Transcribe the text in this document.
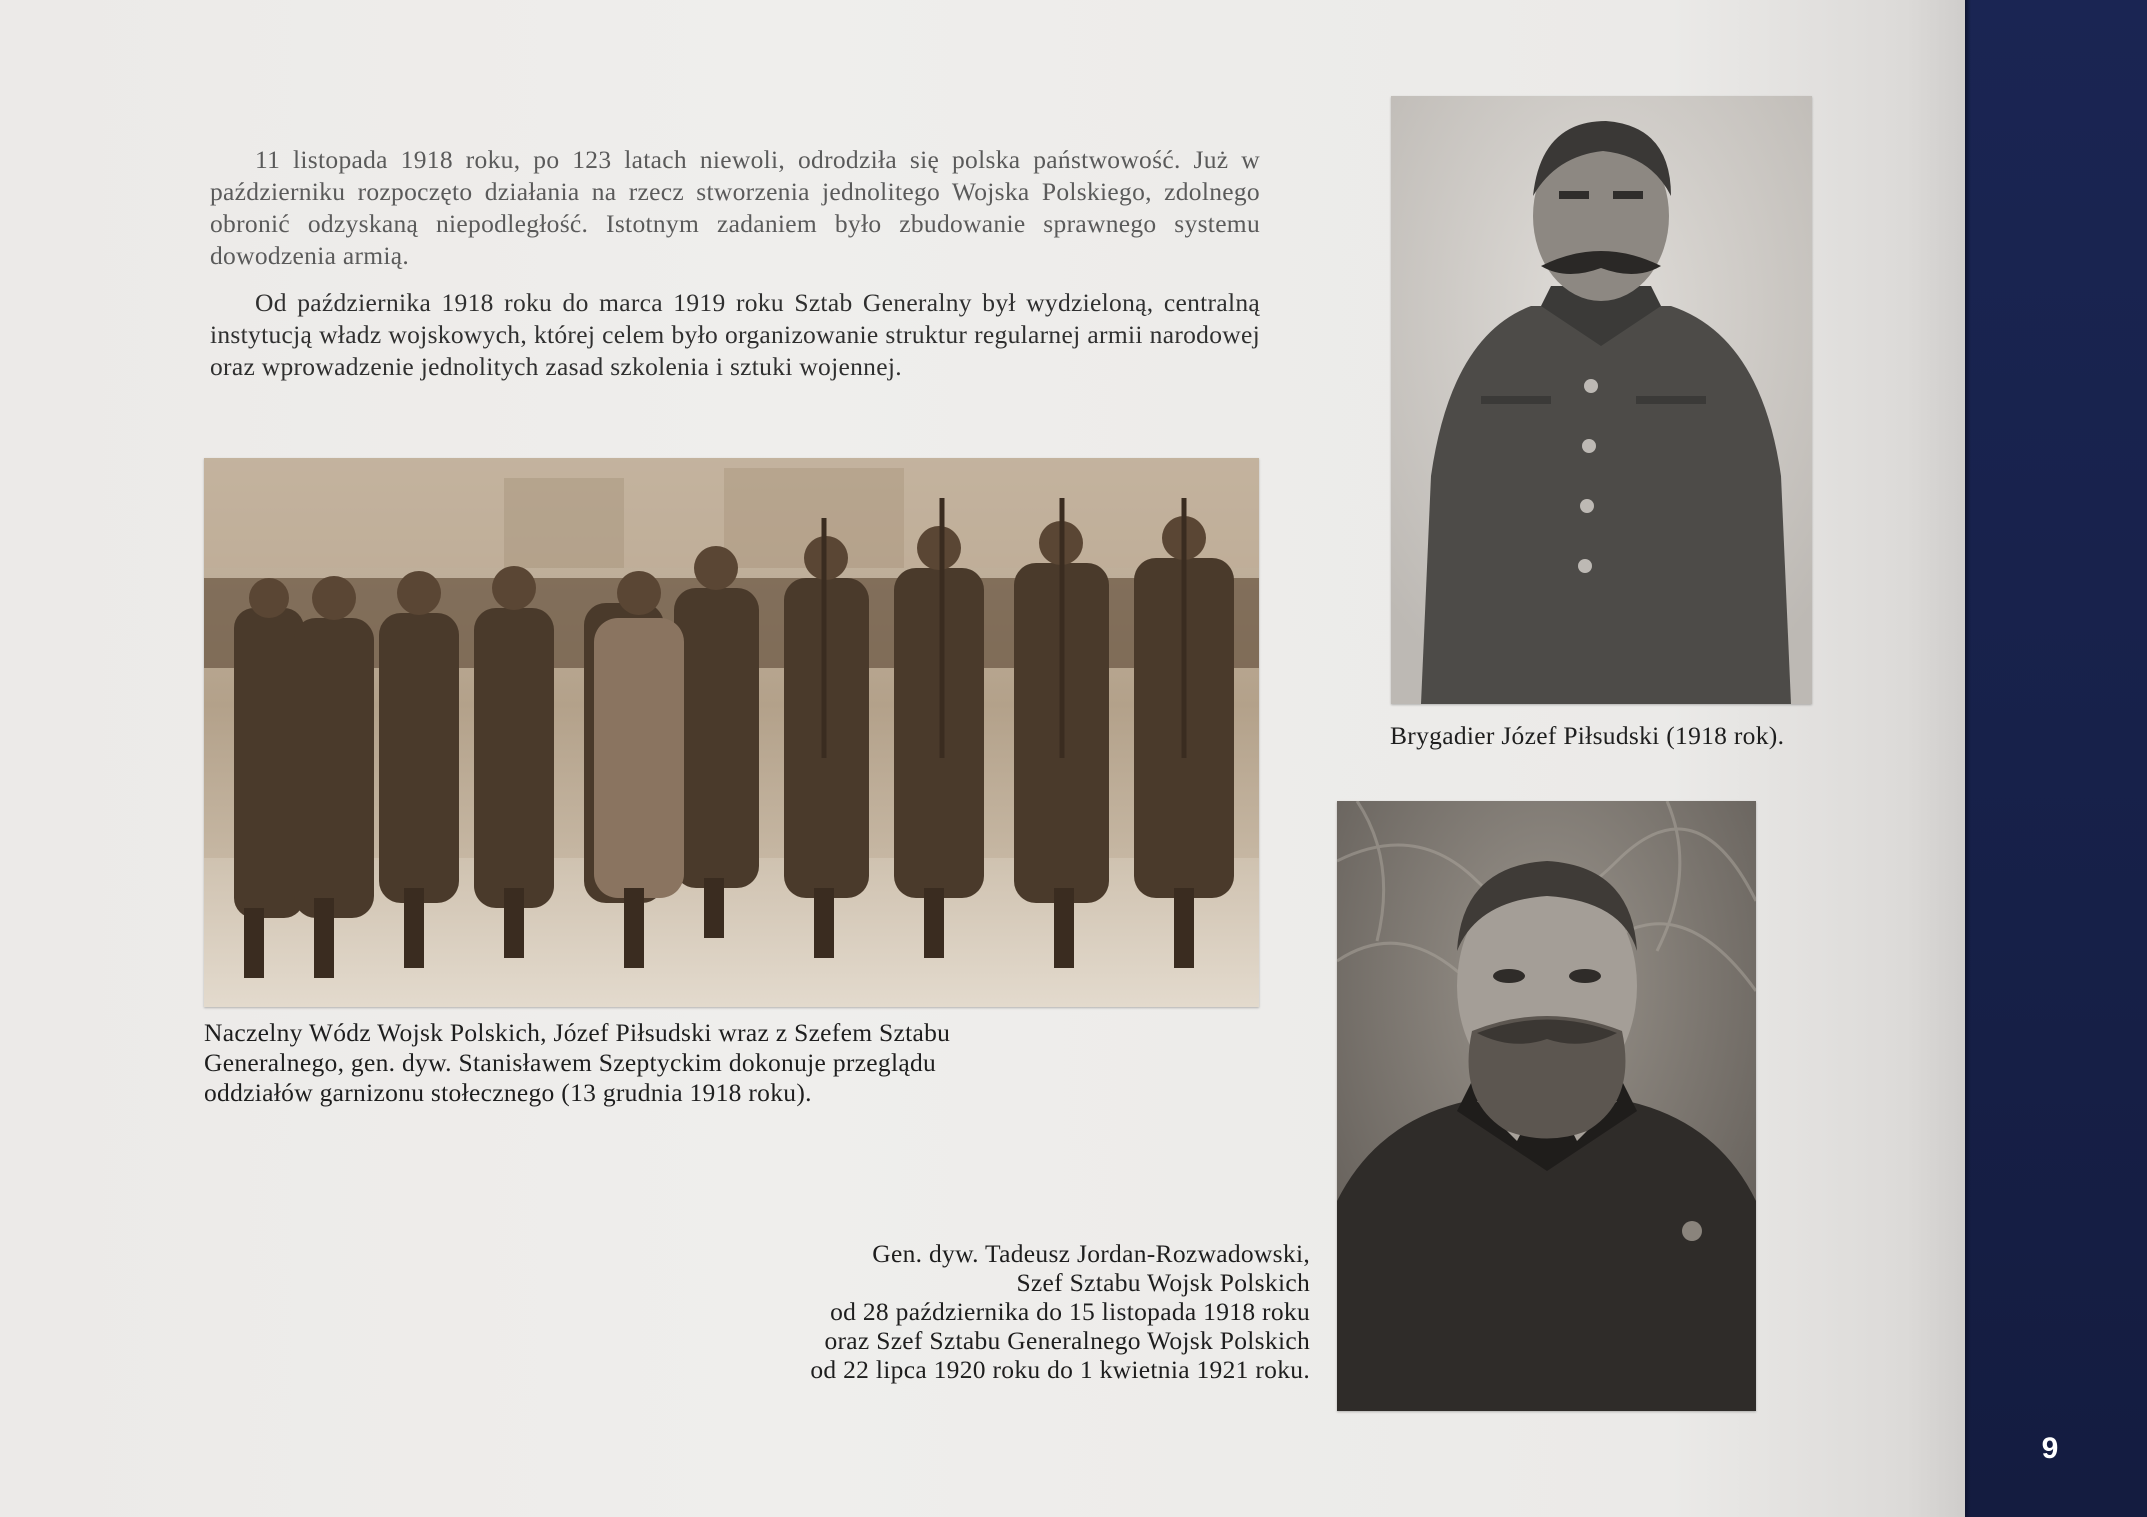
11 listopada 1918 roku, po 123 latach niewoli, odrodziła się polska państwowość. Już w październiku rozpoczęto działania na rzecz stworzenia jednolitego Wojska Polskiego, zdolnego obronić odzyskaną niepodległość. Istotnym zadaniem było zbudowanie sprawnego systemu dowodzenia armią.

Od października 1918 roku do marca 1919 roku Sztab Generalny był wydzieloną, centralną instytucją władz wojskowych, której celem było organizowanie struktur regularnej armii narodowej oraz wprowadzenie jednolitych zasad szkolenia i sztuki wojennej.

Naczelny Wódz Wojsk Polskich, Józef Piłsudski wraz z Szefem Sztabu
Generalnego, gen. dyw. Stanisławem Szeptyckim dokonuje przeglądu
oddziałów garnizonu stołecznego (13 grudnia 1918 roku).

Brygadier Józef Piłsudski (1918 rok).

Gen. dyw. Tadeusz Jordan-Rozwadowski,
Szef Sztabu Wojsk Polskich
od 28 października do 15 listopada 1918 roku
oraz Szef Sztabu Generalnego Wojsk Polskich
od 22 lipca 1920 roku do 1 kwietnia 1921 roku.

9
